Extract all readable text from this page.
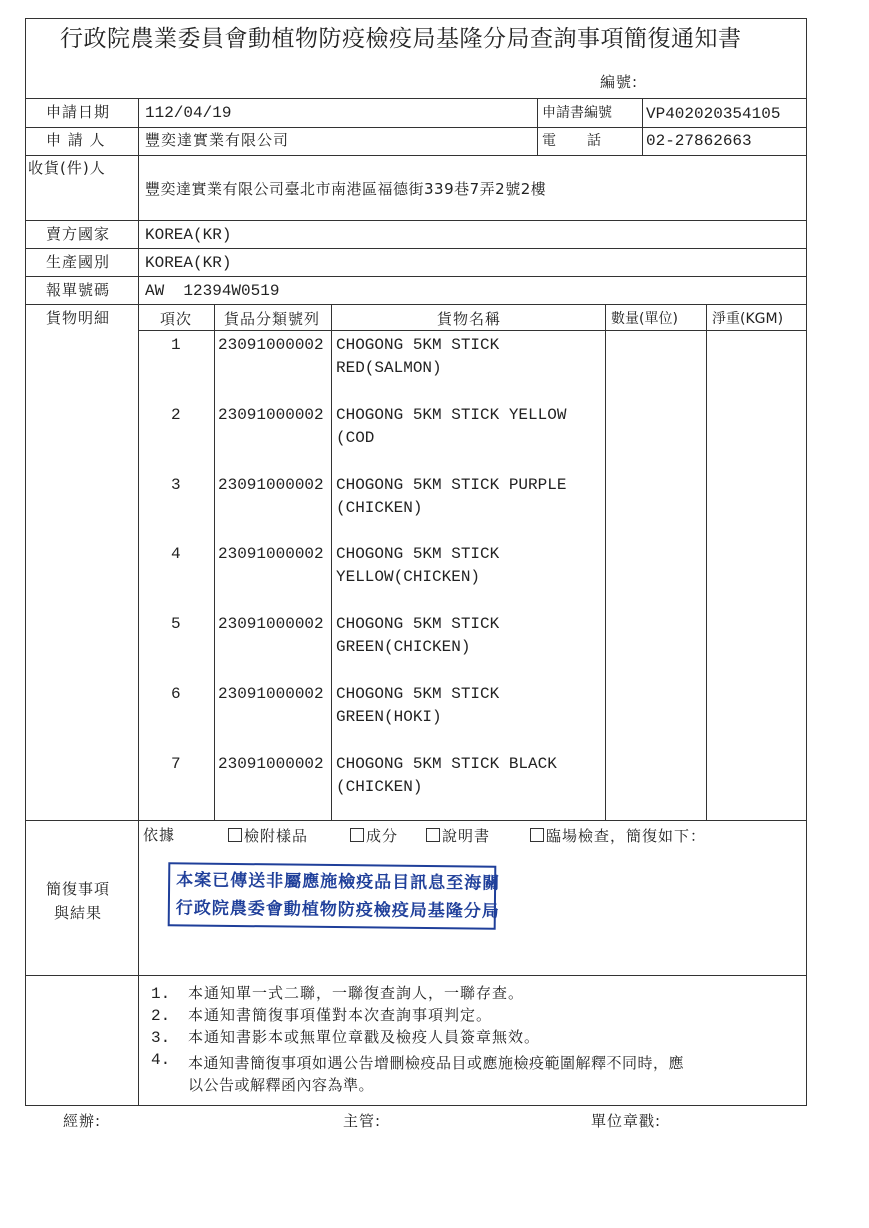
行政院農業委員會動植物防疫檢疫局基隆分局查詢事項簡復通知書
編號:
申請日期 112/04/19	申請書編號 VP402020354105
申 請 人	豐奕達實業有限公司	電　　話	02-27862663
收貨(件)人
豐奕達實業有限公司臺北市南港區福德街339巷7弄2號2樓
賣方國家 KOREA(KR)
生產國別 KOREA(KR)
報單號碼 AW  12394W0519
貨物明細	項次 貨品分類號列	貨物名稱	數量(單位) 淨重(KGM)
1 23091000002 CHOGONG 5KM STICK
RED(SALMON)
2 23091000002 CHOGONG 5KM STICK YELLOW
(COD
3 23091000002 CHOGONG 5KM STICK PURPLE
(CHICKEN)
4 23091000002 CHOGONG 5KM STICK
YELLOW(CHICKEN)
5 23091000002 CHOGONG 5KM STICK
GREEN(CHICKEN)
6 23091000002 CHOGONG 5KM STICK
GREEN(HOKI)
7 23091000002 CHOGONG 5KM STICK BLACK
(CHICKEN)
簡復事項
與結果
依據	檢附樣品	成分	說明書	臨場檢查，簡復如下：
本案已傳送非屬應施檢疫品目訊息至海關
行政院農委會動植物防疫檢疫局基隆分局
1. 本通知單一式二聯，一聯復查詢人，一聯存查。
2. 本通知書簡復事項僅對本次查詢事項判定。
3. 本通知書影本或無單位章戳及檢疫人員簽章無效。
4. 本通知書簡復事項如遇公告增刪檢疫品目或應施檢疫範圍解釋不同時，應
以公告或解釋函內容為準。
經辦:	主管:	單位章戳:
